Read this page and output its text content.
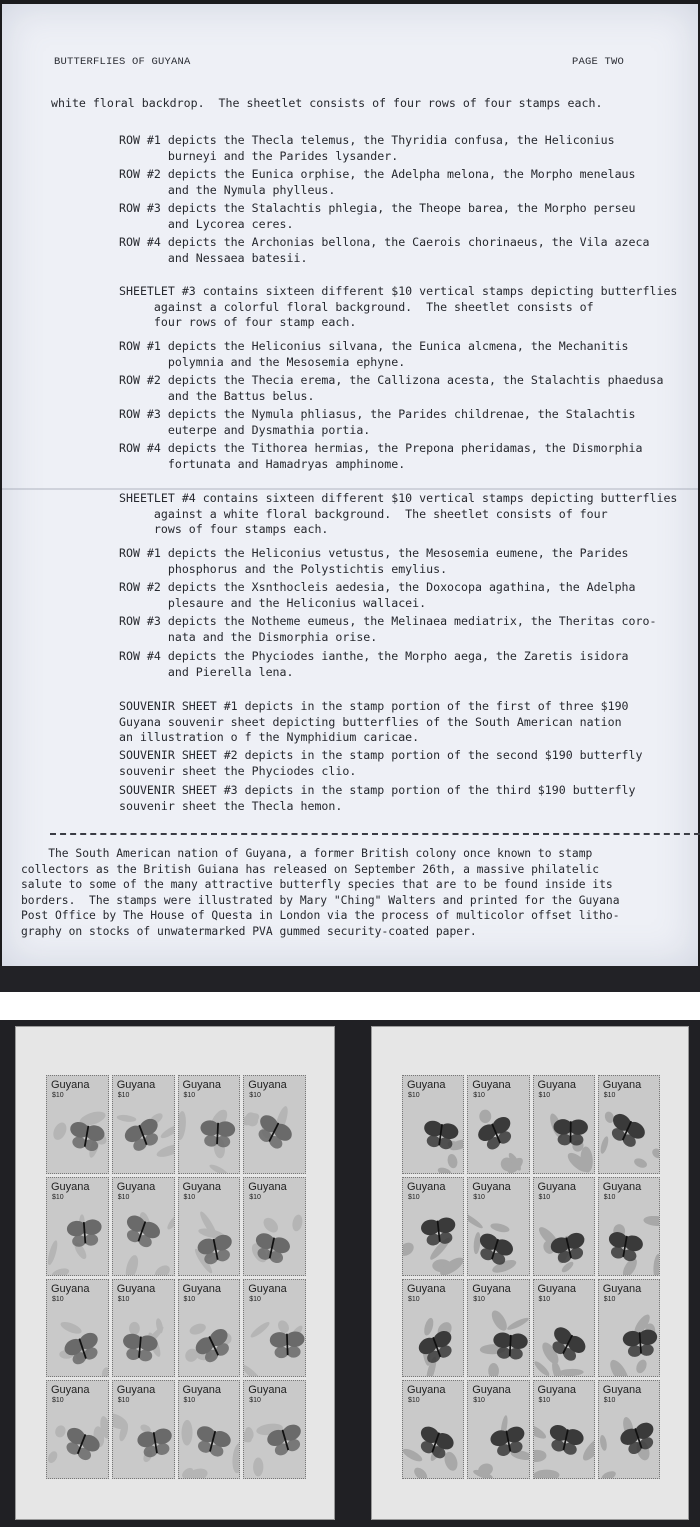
BUTTERFLIES OF GUYANA	PAGE TWO
white floral backdrop.  The sheetlet consists of four rows of four stamps each.
ROW #1 depicts the Thecla telemus, the Thyridia confusa, the Heliconius
burneyi and the Parides lysander.
ROW #2 depicts the Eunica orphise, the Adelpha melona, the Morpho menelaus
and the Nymula phylleus.
ROW #3 depicts the Stalachtis phlegia, the Theope barea, the Morpho perseu
and Lycorea ceres.
ROW #4 depicts the Archonias bellona, the Caerois chorinaeus, the Vila azeca
and Nessaea batesii.
SHEETLET #3 contains sixteen different $10 vertical stamps depicting butterflies
against a colorful floral background.  The sheetlet consists of
four rows of four stamp each.
ROW #1 depicts the Heliconius silvana, the Eunica alcmena, the Mechanitis
polymnia and the Mesosemia ephyne.
ROW #2 depicts the Thecia erema, the Callizona acesta, the Stalachtis phaedusa
and the Battus belus.
ROW #3 depicts the Nymula phliasus, the Parides childrenae, the Stalachtis
euterpe and Dysmathia portia.
ROW #4 depicts the Tithorea hermias, the Prepona pheridamas, the Dismorphia
fortunata and Hamadryas amphinome.
SHEETLET #4 contains sixteen different $10 vertical stamps depicting butterflies
against a white floral background.  The sheetlet consists of four
rows of four stamps each.
ROW #1 depicts the Heliconius vetustus, the Mesosemia eumene, the Parides
phosphorus and the Polystichtis emylius.
ROW #2 depicts the Xsnthocleis aedesia, the Doxocopa agathina, the Adelpha
plesaure and the Heliconius wallacei.
ROW #3 depicts the Notheme eumeus, the Melinaea mediatrix, the Theritas coro-
nata and the Dismorphia orise.
ROW #4 depicts the Phyciodes ianthe, the Morpho aega, the Zaretis isidora
and Pierella lena.
SOUVENIR SHEET #1 depicts in the stamp portion of the first of three $190
Guyana souvenir sheet depicting butterflies of the South American nation
an illustration o f the Nymphidium caricae.
SOUVENIR SHEET #2 depicts in the stamp portion of the second $190 butterfly
souvenir sheet the Phyciodes clio.
SOUVENIR SHEET #3 depicts in the stamp portion of the third $190 butterfly
souvenir sheet the Thecla hemon.
The South American nation of Guyana, a former British colony once known to stamp
collectors as the British Guiana has released on September 26th, a massive philatelic
salute to some of the many attractive butterfly species that are to be found inside its
borders.  The stamps were illustrated by Mary "Ching" Walters and printed for the Guyana
Post Office by The House of Questa in London via the process of multicolor offset litho-
graphy on stocks of unwatermarked PVA gummed security-coated paper.
Guyana
$10
Guyana
$10
Guyana
$10
Guyana
$10
Guyana
$10
Guyana
$10
Guyana
$10
Guyana
$10
Guyana
$10
Guyana
$10
Guyana
$10
Guyana
$10
Guyana
$10
Guyana
$10
Guyana
$10
Guyana
$10
Guyana
$10
Guyana
$10
Guyana
$10
Guyana
$10
Guyana
$10
Guyana
$10
Guyana
$10
Guyana
$10
Guyana
$10
Guyana
$10
Guyana
$10
Guyana
$10
Guyana
$10
Guyana
$10
Guyana
$10
Guyana
$10
